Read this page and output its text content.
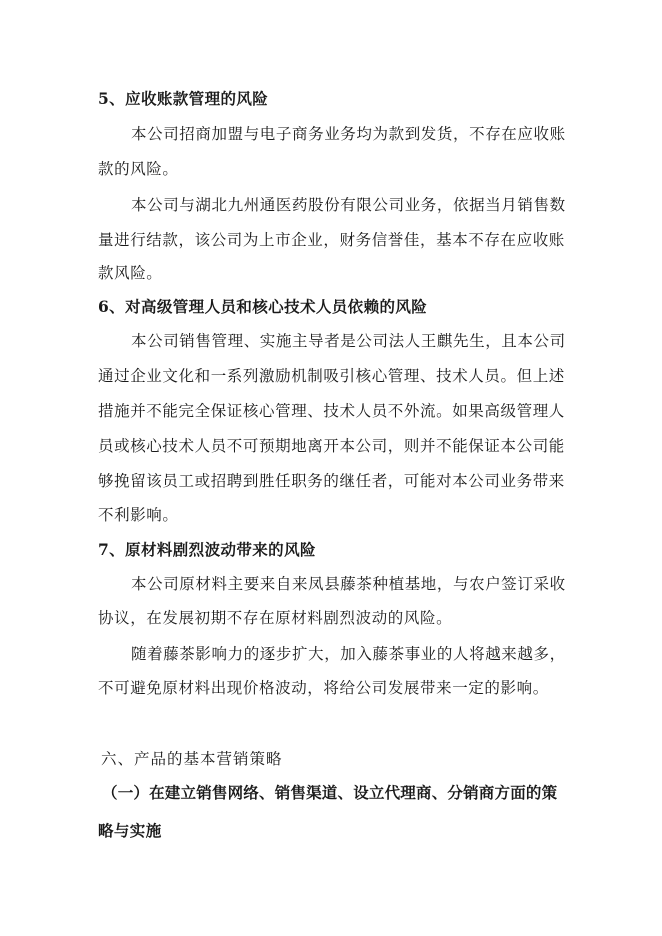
5、应收账款管理的风险
本公司招商加盟与电子商务业务均为款到发货，不存在应收账
款的风险。
本公司与湖北九州通医药股份有限公司业务，依据当月销售数
量进行结款，该公司为上市企业，财务信誉佳，基本不存在应收账
款风险。
6、对高级管理人员和核心技术人员依赖的风险
本公司销售管理、实施主导者是公司法人王麒先生，且本公司
通过企业文化和一系列激励机制吸引核心管理、技术人员。但上述
措施并不能完全保证核心管理、技术人员不外流。如果高级管理人
员或核心技术人员不可预期地离开本公司，则并不能保证本公司能
够挽留该员工或招聘到胜任职务的继任者，可能对本公司业务带来
不利影响。
7、原材料剧烈波动带来的风险
本公司原材料主要来自来凤县藤茶种植基地，与农户签订采收
协议，在发展初期不存在原材料剧烈波动的风险。
随着藤茶影响力的逐步扩大，加入藤茶事业的人将越来越多，
不可避免原材料出现价格波动，将给公司发展带来一定的影响。
六、产品的基本营销策略
（一）在建立销售网络、销售渠道、设立代理商、分销商方面的策
略与实施
